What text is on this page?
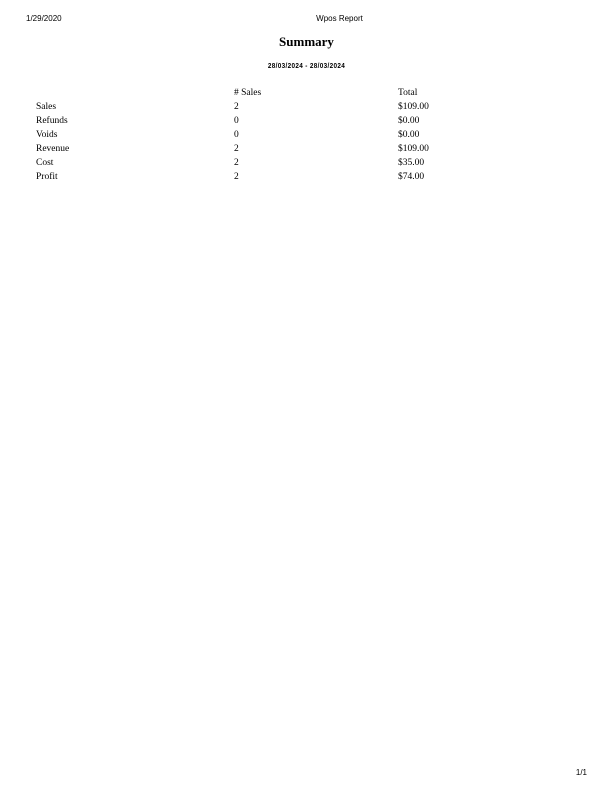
1/29/2020	Wpos Report
Summary
28/03/2024 - 28/03/2024
	# Sales	Total
Sales	2	$109.00
Refunds	0	$0.00
Voids	0	$0.00
Revenue	2	$109.00
Cost	2	$35.00
Profit	2	$74.00
1/1
